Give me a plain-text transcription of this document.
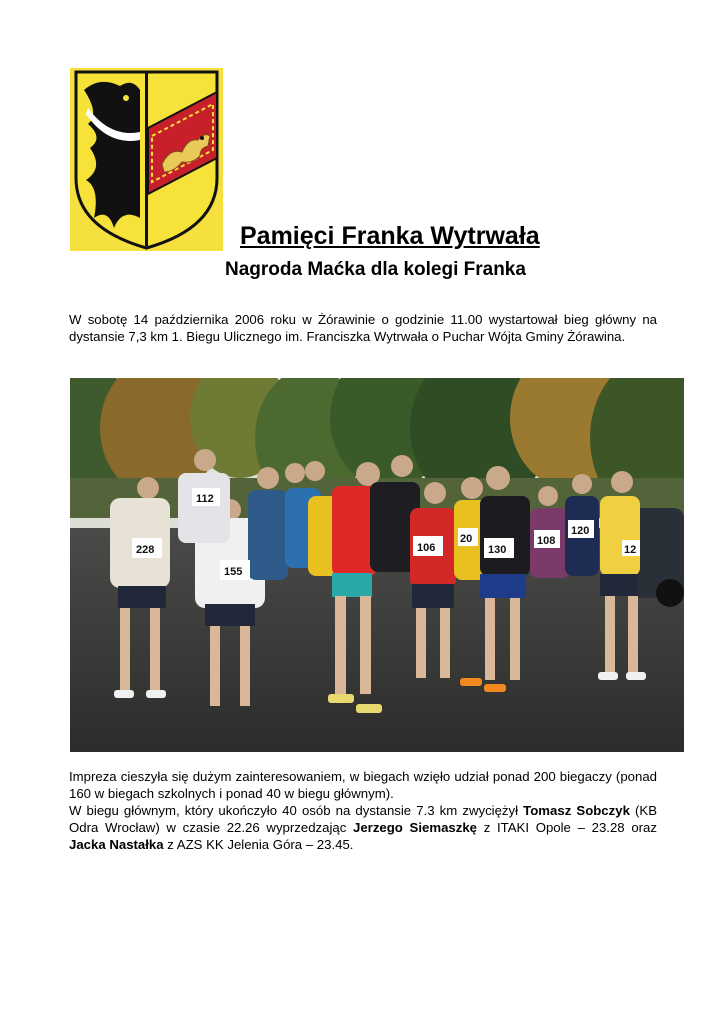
Pamięci Franka Wytrwała
Nagroda Maćka dla kolegi Franka

W sobotę 14 października 2006 roku w Żórawinie o godzinie 11.00 wystartował bieg główny na dystansie 7,3 km 1. Biegu Ulicznego im. Franciszka Wytrwała o Puchar Wójta Gminy Żórawina.

228
155
112
106	130
108
120
20
12

Impreza cieszyła się dużym zainteresowaniem, w biegach wzięło udział ponad 200 biegaczy (ponad 160 w biegach szkolnych i ponad 40 w biegu głównym).

W biegu głównym, który ukończyło 40 osób na dystansie 7.3 km zwyciężył Tomasz Sobczyk (KB Odra Wrocław) w czasie 22.26 wyprzedzając Jerzego Siemaszkę z ITAKI Opole – 23.28 oraz Jacka Nastałka z AZS KK Jelenia Góra – 23.45.
